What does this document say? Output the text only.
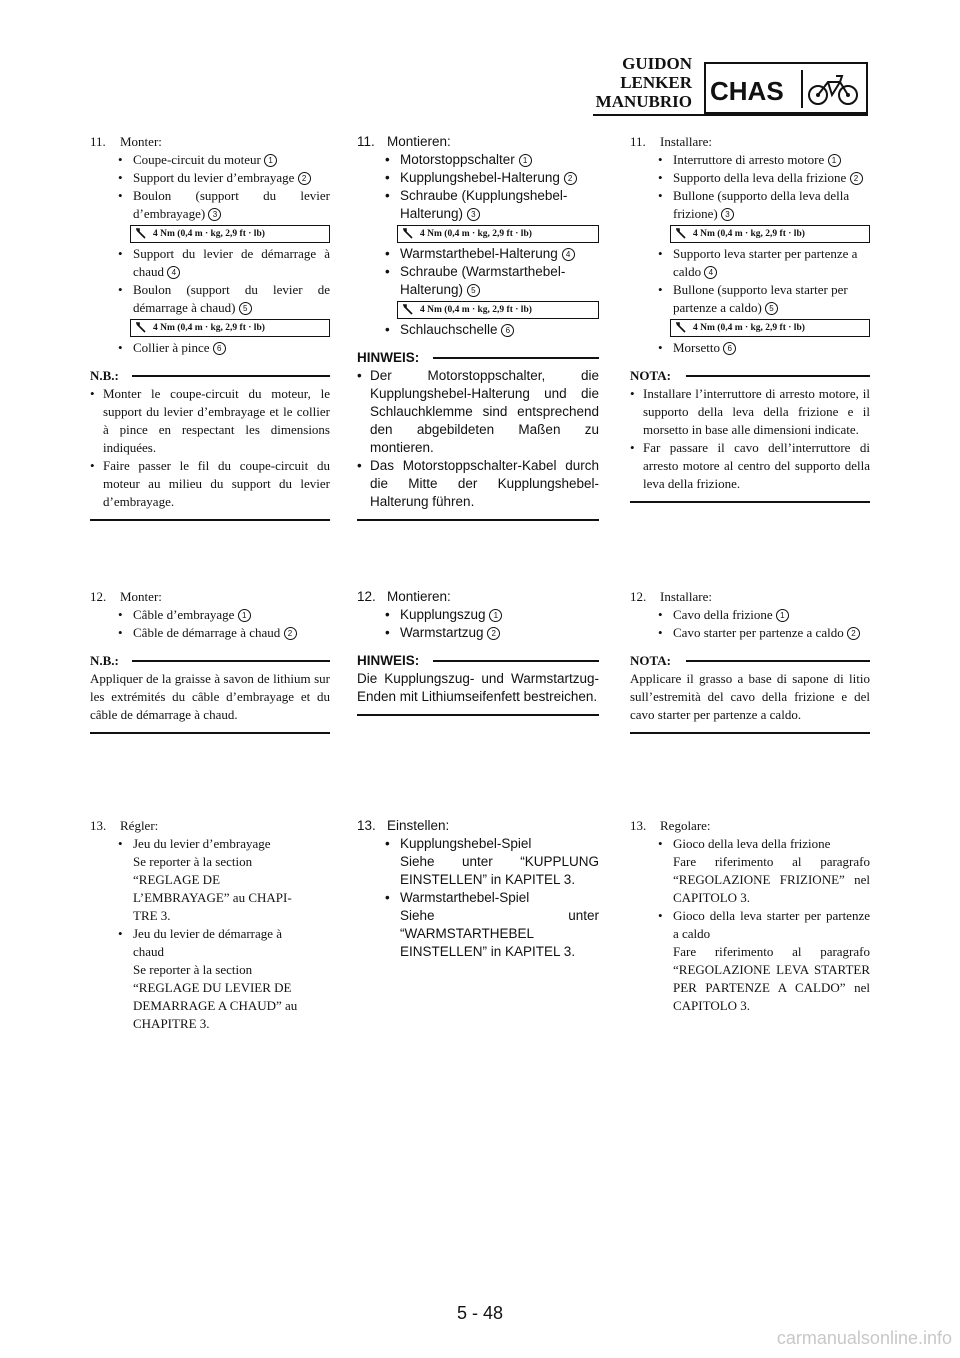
GUIDON
LENKER
MANUBRIO CHAS
11.	Monter:
• Coupe-circuit du moteur 1
• Support du levier d’embrayage 2
• Boulon (support du levier d’embrayage) 3
4 Nm (0,4 m · kg, 2,9 ft · lb)
• Support du levier de démarrage à chaud 4
• Boulon (support du levier de démarrage à chaud) 5
4 Nm (0,4 m · kg, 2,9 ft · lb)
• Collier à pince 6
N.B.:
• Monter le coupe-circuit du moteur, le support du levier d’embrayage et le collier à pince en respectant les dimensions indiquées.
• Faire passer le fil du coupe-circuit du moteur au milieu du support du levier d’embrayage.
12.	Monter:
• Câble d’embrayage 1
• Câble de démarrage à chaud 2
N.B.:
Appliquer de la graisse à savon de lithium sur les extrémités du câble d’embrayage et du câble de démarrage à chaud.
13.	Régler:
• Jeu du levier d’embrayage
Se reporter à la section
“REGLAGE DE
L’EMBRAYAGE” au CHAPI-
TRE 3.
• Jeu du levier de démarrage à
chaud
Se reporter à la section
“REGLAGE DU LEVIER DE
DEMARRAGE A CHAUD” au
CHAPITRE 3.
11. Montieren:
• Motorstoppschalter 1
• Kupplungshebel-Halterung 2
• Schraube (Kupplungshebel-Halterung) 3
4 Nm (0,4 m · kg, 2,9 ft · lb)
• Warmstarthebel-Halterung 4
• Schraube (Warmstarthebel-Halterung) 5
4 Nm (0,4 m · kg, 2,9 ft · lb)
• Schlauchschelle 6
HINWEIS:
• Der Motorstoppschalter, die Kupplungshebel-Halterung und die Schlauchklemme sind entsprechend den abgebildeten Maßen zu montieren.
• Das Motorstoppschalter-Kabel durch die Mitte der Kupplungshebel-Halterung führen.
12. Montieren:
• Kupplungszug 1
• Warmstartzug 2
HINWEIS:
Die Kupplungszug- und Warmstartzug-Enden mit Lithiumseifenfett bestreichen.
13. Einstellen:
• Kupplungshebel-Spiel
Siehe unter “KUPPLUNG EINSTELLEN” in KAPITEL 3.
• Warmstarthebel-Spiel
Siehe unter “WARMSTARTHEBEL EINSTELLEN” in KAPITEL 3.
11.	Installare:
• Interruttore di arresto motore 1
• Supporto della leva della frizione 2
• Bullone (supporto della leva della frizione) 3
4 Nm (0,4 m · kg, 2,9 ft · lb)
• Supporto leva starter per partenze a caldo 4
• Bullone (supporto leva starter per partenze a caldo) 5
4 Nm (0,4 m · kg, 2,9 ft · lb)
• Morsetto 6
NOTA:
• Installare l’interruttore di arresto motore, il supporto della leva della frizione e il morsetto in base alle dimensioni indicate.
• Far passare il cavo dell’interruttore di arresto motore al centro del supporto della leva della frizione.
12.	Installare:
• Cavo della frizione 1
• Cavo starter per partenze a caldo 2
NOTA:
Applicare il grasso a base di sapone di litio sull’estremità del cavo della frizione e del cavo starter per partenze a caldo.
13.	Regolare:
• Gioco della leva della frizione
Fare riferimento al paragrafo “REGOLAZIONE FRIZIONE” nel CAPITOLO 3.
• Gioco della leva starter per partenze a caldo
Fare riferimento al paragrafo “REGOLAZIONE LEVA STARTER PER PARTENZE A CALDO” nel CAPITOLO 3.
5 - 48
carmanualsonline.info
